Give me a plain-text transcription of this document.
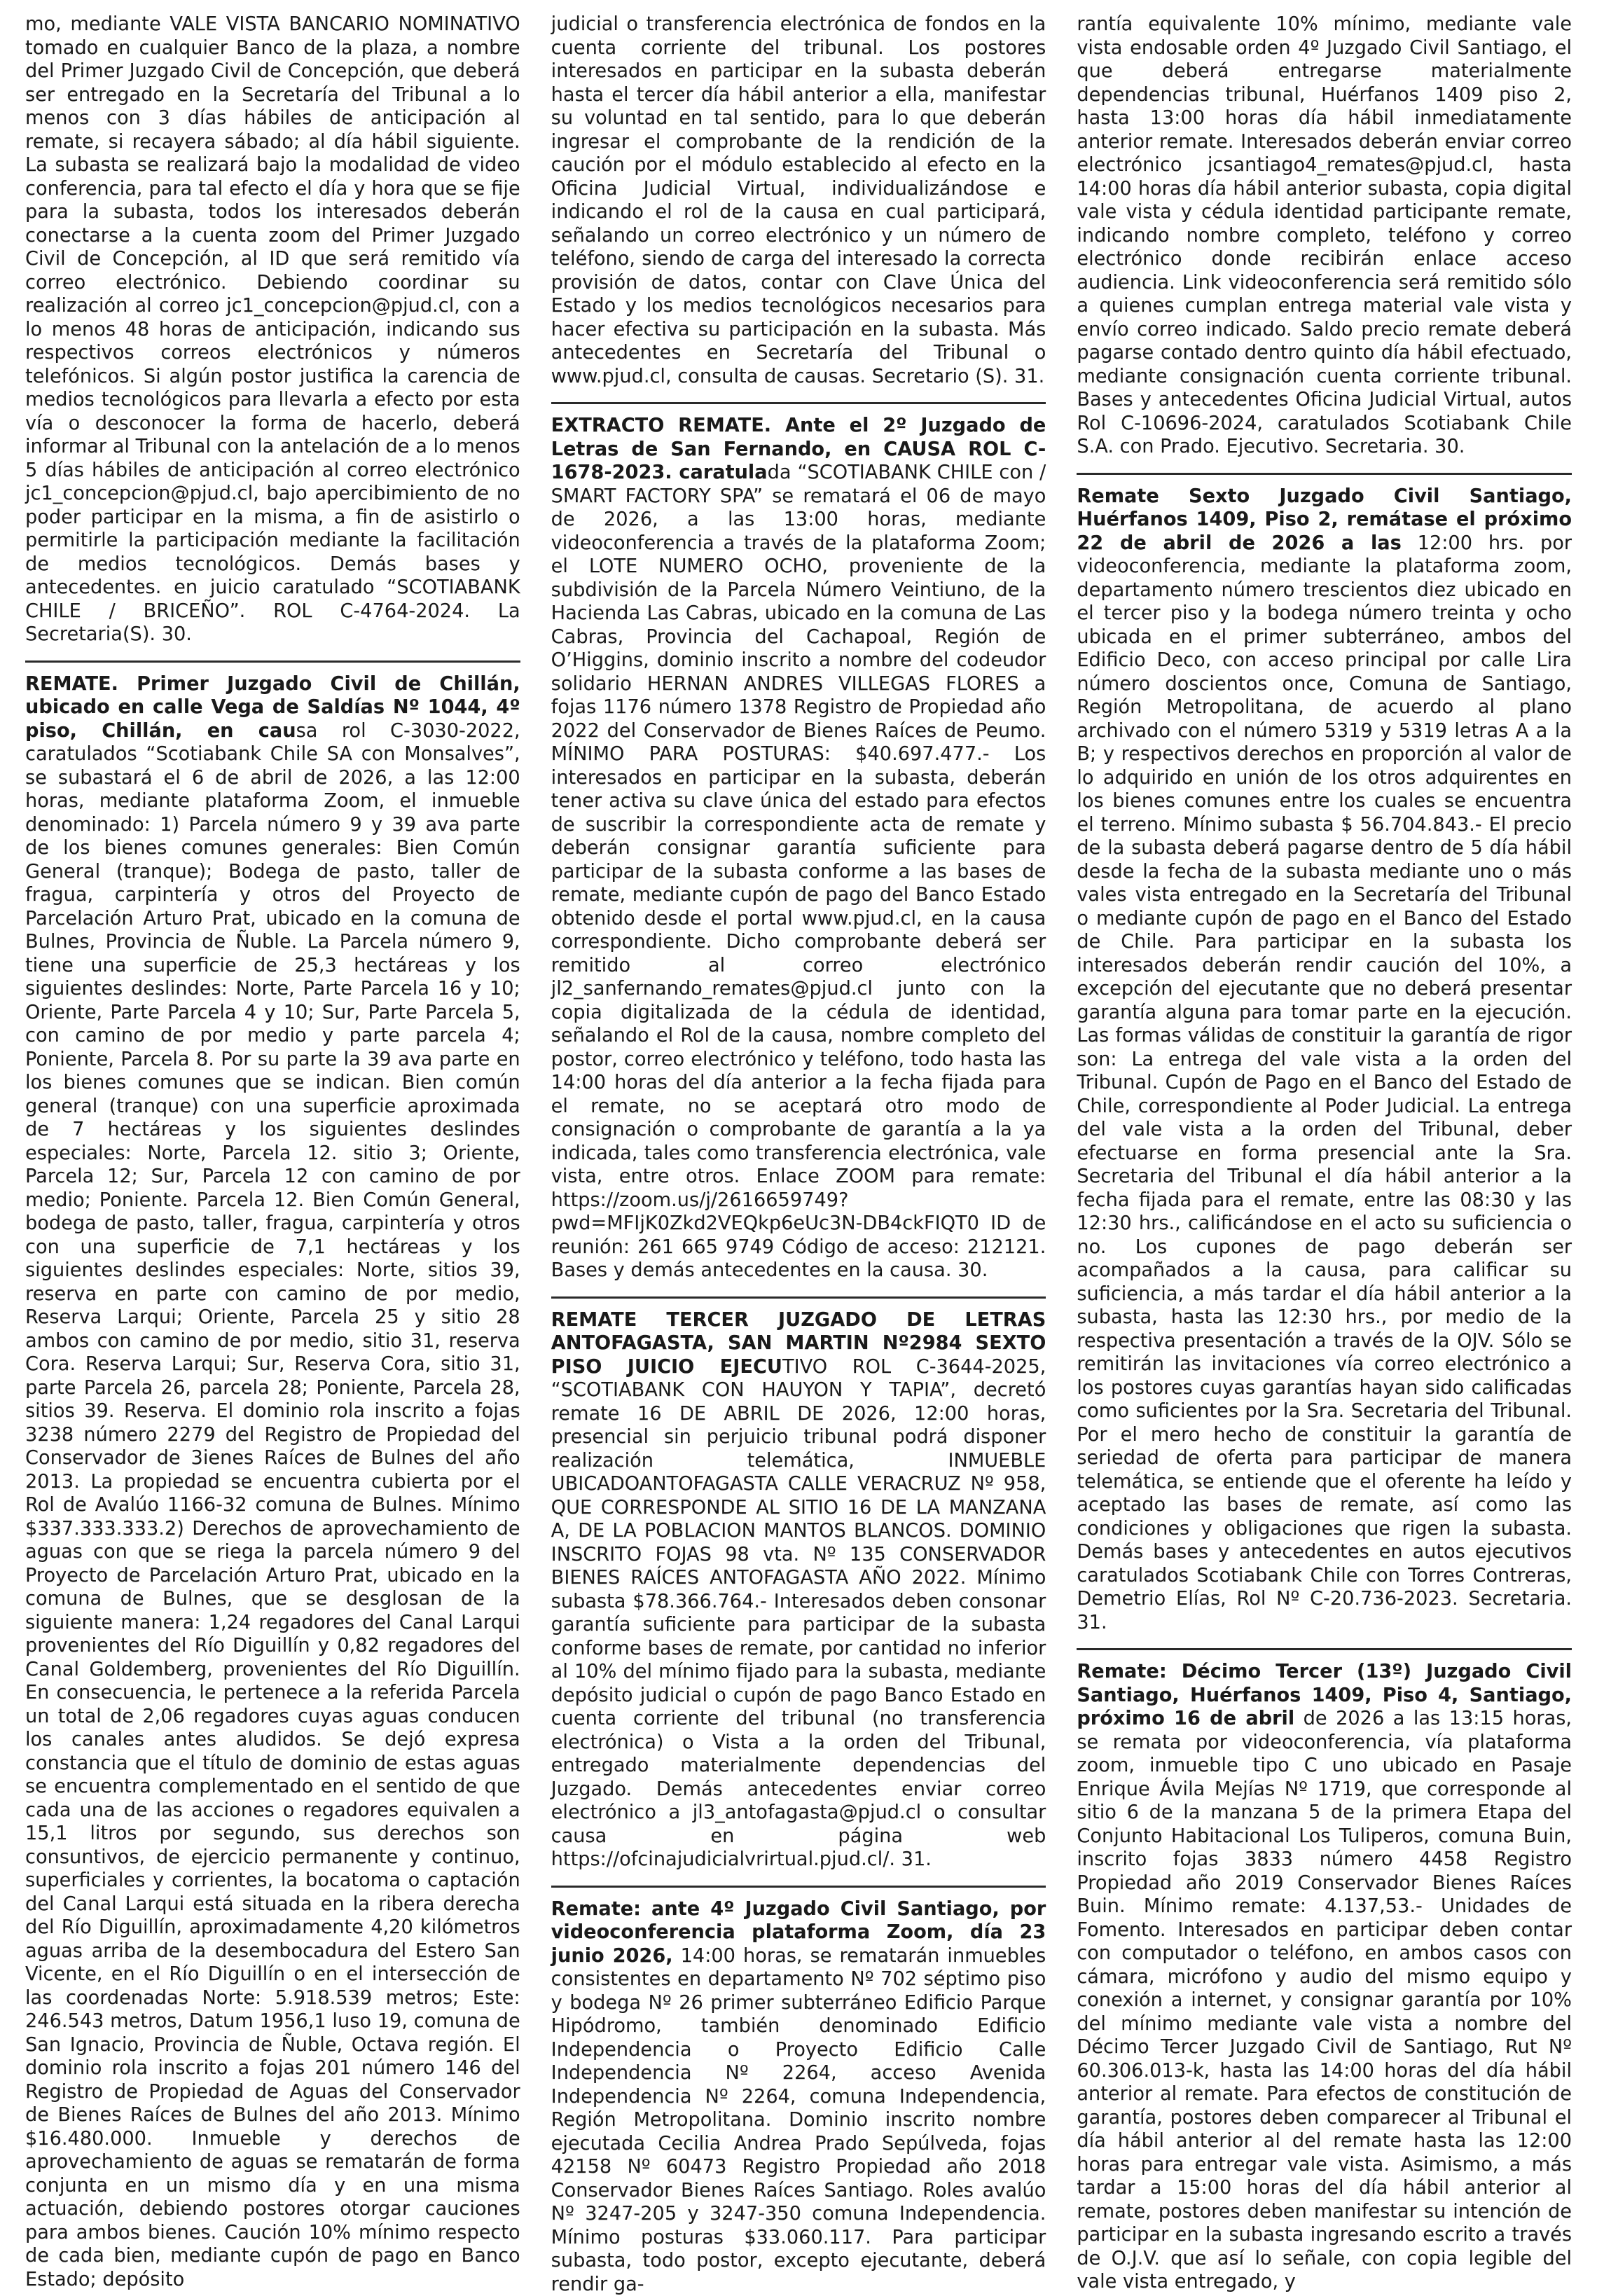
mo, mediante VALE VISTA BANCARIO NOMINATIVO tomado en cualquier Banco de la plaza, a nombre del Primer Juzgado Civil de Concepción, que deberá ser entregado en la Secretaría del Tribunal a lo menos con 3 días hábiles de anticipación al remate, si recayera sábado; al día hábil siguiente. La subasta se realizará bajo la modalidad de video conferencia, para tal efecto el día y hora que se fije para la subasta, todos los interesados deberán conectarse a la cuenta zoom del Primer Juzgado Civil de Concepción, al ID que será remitido vía correo electrónico. Debiendo coordinar su realización al correo jc1_concepcion@pjud.cl, con a lo menos 48 horas de anticipación, indicando sus respectivos correos electrónicos y números telefónicos. Si algún postor justifica la carencia de medios tecnológicos para llevarla a efecto por esta vía o desconocer la forma de hacerlo, deberá informar al Tribunal con la antelación de a lo menos 5 días hábiles de anticipación al correo electrónico jc1_concepcion@pjud.cl, bajo apercibimiento de no poder participar en la misma, a fin de asistirlo o permitirle la participación mediante la facilitación de medios tecnológicos. Demás bases y antecedentes. en juicio caratulado “SCOTIABANK CHILE / BRICEÑO”. ROL C-4764-2024. La Secretaria(S). 30.

REMATE. Primer Juzgado Civil de Chillán, ubicado en calle Vega de Saldías Nº 1044, 4º piso, Chillán, en causa rol C-3030-2022, caratulados “Scotiabank Chile SA con Monsalves”, se subastará el 6 de abril de 2026, a las 12:00 horas, mediante plataforma Zoom, el inmueble denominado: 1) Parcela número 9 y 39 ava parte de los bienes comunes generales: Bien Común General (tranque); Bodega de pasto, taller de fragua, carpintería y otros del Proyecto de Parcelación Arturo Prat, ubicado en la comuna de Bulnes, Provincia de Ñuble. La Parcela número 9, tiene una superficie de 25,3 hectáreas y los siguientes deslindes: Norte, Parte Parcela 16 y 10; Oriente, Parte Parcela 4 y 10; Sur, Parte Parcela 5, con camino de por medio y parte parcela 4; Poniente, Parcela 8. Por su parte la 39 ava parte en los bienes comunes que se indican. Bien común general (tranque) con una superficie aproximada de 7 hectáreas y los siguientes deslindes especiales: Norte, Parcela 12. sitio 3; Oriente, Parcela 12; Sur, Parcela 12 con camino de por medio; Poniente. Parcela 12. Bien Común General, bodega de pasto, taller, fragua, carpintería y otros con una superficie de 7,1 hectáreas y los siguientes deslindes especiales: Norte, sitios 39, reserva en parte con camino de por medio, Reserva Larqui; Oriente, Parcela 25 y sitio 28 ambos con camino de por medio, sitio 31, reserva Cora. Reserva Larqui; Sur, Reserva Cora, sitio 31, parte Parcela 26, parcela 28; Poniente, Parcela 28, sitios 39. Reserva. El dominio rola inscrito a fojas 3238 número 2279 del Registro de Propiedad del Conservador de 3ienes Raíces de Bulnes del año 2013. La propiedad se encuentra cubierta por el Rol de Avalúo 1166-32 comuna de Bulnes. Mínimo $337.333.333.2) Derechos de aprovechamiento de aguas con que se riega la parcela número 9 del Proyecto de Parcelación Arturo Prat, ubicado en la comuna de Bulnes, que se desglosan de la siguiente manera: 1,24 regadores del Canal Larqui provenientes del Río Diguillín y 0,82 regadores del Canal Goldemberg, provenientes del Río Diguillín. En consecuencia, le pertenece a la referida Parcela un total de 2,06 regadores cuyas aguas conducen los canales antes aludidos. Se dejó expresa constancia que el título de dominio de estas aguas se encuentra complementado en el sentido de que cada una de las acciones o regadores equivalen a 15,1 litros por segundo, sus derechos son consuntivos, de ejercicio permanente y continuo, superficiales y corrientes, la bocatoma o captación del Canal Larqui está situada en la ribera derecha del Río Diguillín, aproximadamente 4,20 kilómetros aguas arriba de la desembocadura del Estero San Vicente, en el Río Diguillín o en el intersección de las coordenadas Norte: 5.918.539 metros; Este: 246.543 metros, Datum 1956,1 luso 19, comuna de San Ignacio, Provincia de Ñuble, Octava región. El dominio rola inscrito a fojas 201 número 146 del Registro de Propiedad de Aguas del Conservador de Bienes Raíces de Bulnes del año 2013. Mínimo $16.480.000. Inmueble y derechos de aprovechamiento de aguas se rematarán de forma conjunta en un mismo día y en una misma actuación, debiendo postores otorgar cauciones para ambos bienes. Caución 10% mínimo respecto de cada bien, mediante cupón de pago en Banco Estado; depósito

judicial o transferencia electrónica de fondos en la cuenta corriente del tribunal. Los postores interesados en participar en la subasta deberán hasta el tercer día hábil anterior a ella, manifestar su voluntad en tal sentido, para lo que deberán ingresar el comprobante de la rendición de la caución por el módulo establecido al efecto en la Oficina Judicial Virtual, individualizándose e indicando el rol de la causa en cual participará, señalando un correo electrónico y un número de teléfono, siendo de carga del interesado la correcta provisión de datos, contar con Clave Única del Estado y los medios tecnológicos necesarios para hacer efectiva su participación en la subasta. Más antecedentes en Secretaría del Tribunal o www.pjud.cl, consulta de causas. Secretario (S). 31.

EXTRACTO REMATE. Ante el 2º Juzgado de Letras de San Fernando, en CAUSA ROL C-1678-2023. caratulada “SCOTIABANK CHILE con / SMART FACTORY SPA” se rematará el 06 de mayo de 2026, a las 13:00 horas, mediante videoconferencia a través de la plataforma Zoom; el LOTE NUMERO OCHO, proveniente de la subdivisión de la Parcela Número Veintiuno, de la Hacienda Las Cabras, ubicado en la comuna de Las Cabras, Provincia del Cachapoal, Región de O’Higgins, dominio inscrito a nombre del codeudor solidario HERNAN ANDRES VILLEGAS FLORES a fojas 1176 número 1378 Registro de Propiedad año 2022 del Conservador de Bienes Raíces de Peumo. MÍNIMO PARA POSTURAS: $40.697.477.- Los interesados en participar en la subasta, deberán tener activa su clave única del estado para efectos de suscribir la correspondiente acta de remate y deberán consignar garantía suficiente para participar de la subasta conforme a las bases de remate, mediante cupón de pago del Banco Estado obtenido desde el portal www.pjud.cl, en la causa correspondiente. Dicho comprobante deberá ser remitido al correo electrónico jl2_sanfernando_remates@pjud.cl junto con la copia digitalizada de la cédula de identidad, señalando el Rol de la causa, nombre completo del postor, correo electrónico y teléfono, todo hasta las 14:00 horas del día anterior a la fecha fijada para el remate, no se aceptará otro modo de consignación o comprobante de garantía a la ya indicada, tales como transferencia electrónica, vale vista, entre otros. Enlace ZOOM para remate: https://zoom.us/j/2616659749?pwd=MFIjK0Zkd2VEQkp6eUc3N-DB4ckFIQT0 ID de reunión: 261 665 9749 Código de acceso: 212121. Bases y demás antecedentes en la causa. 30.

REMATE TERCER JUZGADO DE LETRAS ANTOFAGASTA, SAN MARTIN Nº2984 SEXTO PISO JUICIO EJECUTIVO ROL C-3644-2025, “SCOTIABANK CON HAUYON Y TAPIA”, decretó remate 16 DE ABRIL DE 2026, 12:00 horas, presencial sin perjuicio tribunal podrá disponer realización telemática, INMUEBLE UBICADOANTOFAGASTA CALLE VERACRUZ Nº 958, QUE CORRESPONDE AL SITIO 16 DE LA MANZANA A, DE LA POBLACION MANTOS BLANCOS. DOMINIO INSCRITO FOJAS 98 vta. Nº 135 CONSERVADOR BIENES RAÍCES ANTOFAGASTA AÑO 2022. Mínimo subasta $78.366.764.- Interesados deben consonar garantía suficiente para participar de la subasta conforme bases de remate, por cantidad no inferior al 10% del mínimo fijado para la subasta, mediante depósito judicial o cupón de pago Banco Estado en cuenta corriente del tribunal (no transferencia electrónica) o Vista a la orden del Tribunal, entregado materialmente dependencias del Juzgado. Demás antecedentes enviar correo electrónico a jl3_antofagasta@pjud.cl o consultar causa en página web https://ofcinajudicialvrirtual.pjud.cl/. 31.

Remate: ante 4º Juzgado Civil Santiago, por videoconferencia plataforma Zoom, día 23 junio 2026, 14:00 horas, se rematarán inmuebles consistentes en departamento Nº 702 séptimo piso y bodega Nº 26 primer subterráneo Edificio Parque Hipódromo, también denominado Edificio Independencia o Proyecto Edificio Calle Independencia Nº 2264, acceso Avenida Independencia Nº 2264, comuna Independencia, Región Metropolitana. Dominio inscrito nombre ejecutada Cecilia Andrea Prado Sepúlveda, fojas 42158 Nº 60473 Registro Propiedad año 2018 Conservador Bienes Raíces Santiago. Roles avalúo Nº 3247-205 y 3247-350 comuna Independencia. Mínimo posturas $33.060.117. Para participar subasta, todo postor, excepto ejecutante, deberá rendir ga-

rantía equivalente 10% mínimo, mediante vale vista endosable orden 4º Juzgado Civil Santiago, el que deberá entregarse materialmente dependencias tribunal, Huérfanos 1409 piso 2, hasta 13:00 horas día hábil inmediatamente anterior remate. Interesados deberán enviar correo electrónico jcsantiago4_remates@pjud.cl, hasta 14:00 horas día hábil anterior subasta, copia digital vale vista y cédula identidad participante remate, indicando nombre completo, teléfono y correo electrónico donde recibirán enlace acceso audiencia. Link videoconferencia será remitido sólo a quienes cumplan entrega material vale vista y envío correo indicado. Saldo precio remate deberá pagarse contado dentro quinto día hábil efectuado, mediante consignación cuenta corriente tribunal. Bases y antecedentes Oficina Judicial Virtual, autos Rol C-10696-2024, caratulados Scotiabank Chile S.A. con Prado. Ejecutivo. Secretaria. 30.

Remate Sexto Juzgado Civil Santiago, Huérfanos 1409, Piso 2, remátase el próximo 22 de abril de 2026 a las 12:00 hrs. por videoconferencia, mediante la plataforma zoom, departamento número trescientos diez ubicado en el tercer piso y la bodega número treinta y ocho ubicada en el primer subterráneo, ambos del Edificio Deco, con acceso principal por calle Lira número doscientos once, Comuna de Santiago, Región Metropolitana, de acuerdo al plano archivado con el número 5319 y 5319 letras A a la B; y respectivos derechos en proporción al valor de lo adquirido en unión de los otros adquirentes en los bienes comunes entre los cuales se encuentra el terreno. Mínimo subasta $ 56.704.843.- El precio de la subasta deberá pagarse dentro de 5 día hábil desde la fecha de la subasta mediante uno o más vales vista entregado en la Secretaría del Tribunal o mediante cupón de pago en el Banco del Estado de Chile. Para participar en la subasta los interesados deberán rendir caución del 10%, a excepción del ejecutante que no deberá presentar garantía alguna para tomar parte en la ejecución. Las formas válidas de constituir la garantía de rigor son: La entrega del vale vista a la orden del Tribunal. Cupón de Pago en el Banco del Estado de Chile, correspondiente al Poder Judicial. La entrega del vale vista a la orden del Tribunal, deber efectuarse en forma presencial ante la Sra. Secretaria del Tribunal el día hábil anterior a la fecha fijada para el remate, entre las 08:30 y las 12:30 hrs., calificándose en el acto su suficiencia o no. Los cupones de pago deberán ser acompañados a la causa, para calificar su suficiencia, a más tardar el día hábil anterior a la subasta, hasta las 12:30 hrs., por medio de la respectiva presentación a través de la OJV. Sólo se remitirán las invitaciones vía correo electrónico a los postores cuyas garantías hayan sido calificadas como suficientes por la Sra. Secretaria del Tribunal. Por el mero hecho de constituir la garantía de seriedad de oferta para participar de manera telemática, se entiende que el oferente ha leído y aceptado las bases de remate, así como las condiciones y obligaciones que rigen la subasta. Demás bases y antecedentes en autos ejecutivos caratulados Scotiabank Chile con Torres Contreras, Demetrio Elías, Rol Nº C-20.736-2023. Secretaria. 31.

Remate: Décimo Tercer (13º) Juzgado Civil Santiago, Huérfanos 1409, Piso 4, Santiago, próximo 16 de abril de 2026 a las 13:15 horas, se remata por videoconferencia, vía plataforma zoom, inmueble tipo C uno ubicado en Pasaje Enrique Ávila Mejías Nº 1719, que corresponde al sitio 6 de la manzana 5 de la primera Etapa del Conjunto Habitacional Los Tuliperos, comuna Buin, inscrito fojas 3833 número 4458 Registro Propiedad año 2019 Conservador Bienes Raíces Buin. Mínimo remate: 4.137,53.- Unidades de Fomento. Interesados en participar deben contar con computador o teléfono, en ambos casos con cámara, micrófono y audio del mismo equipo y conexión a internet, y consignar garantía por 10% del mínimo mediante vale vista a nombre del Décimo Tercer Juzgado Civil de Santiago, Rut Nº 60.306.013-k, hasta las 14:00 horas del día hábil anterior al remate. Para efectos de constitución de garantía, postores deben comparecer al Tribunal el día hábil anterior al del remate hasta las 12:00 horas para entregar vale vista. Asimismo, a más tardar a 15:00 horas del día hábil anterior al remate, postores deben manifestar su intención de participar en la subasta ingresando escrito a través de O.J.V. que así lo señale, con copia legible del vale vista entregado, y
